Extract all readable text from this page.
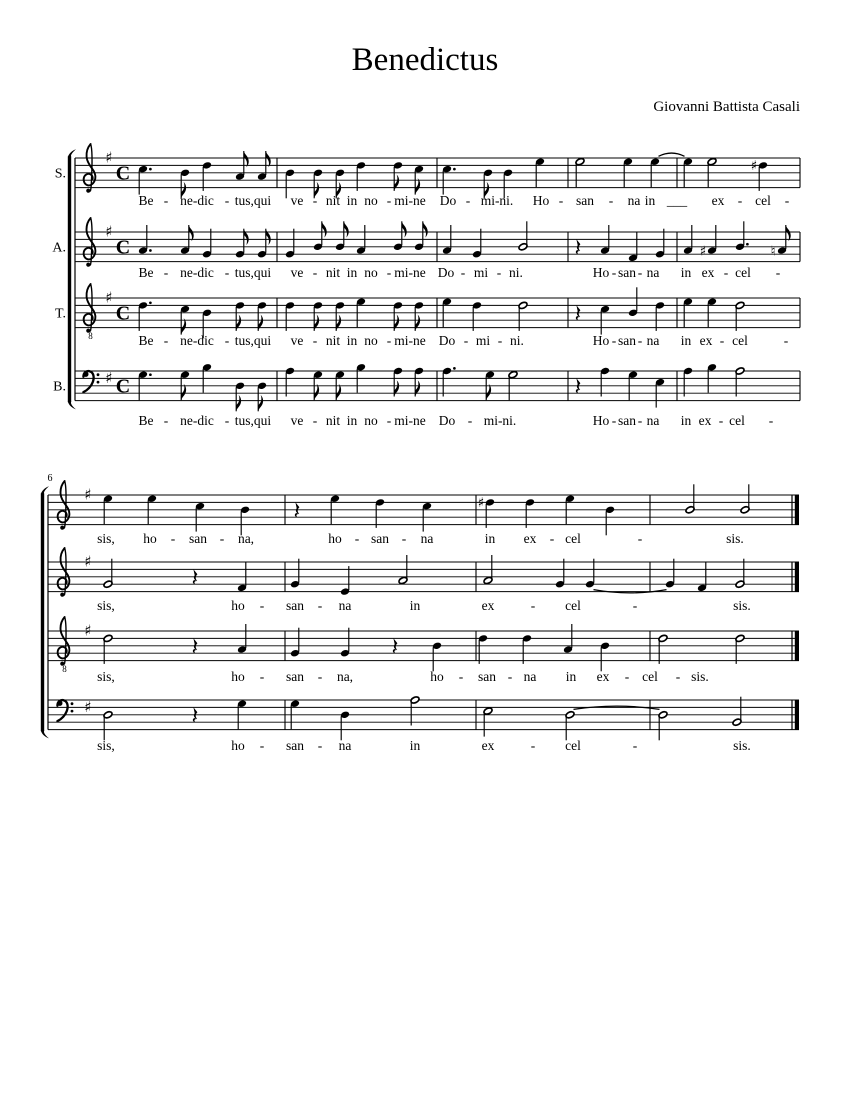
Benedictus
Giovanni Battista Casali
S.
♯
C	♯
Be - ne-dic - tus,qui ve - nit in no - mi-ne Do - mi-ni. Ho - san - na in ___ ex - cel -
A.
♯
C	♯	♮
Be - ne-dic - tus,qui ve - nit in no - mi-ne Do - mi - ni.	Ho - san - na in ex - cel -
T.
8
♯
C
Be - ne-dic - tus,qui ve - nit in no - mi-ne Do - mi - ni.	Ho - san - na in ex - cel	-
B.
♯ C
Be - ne-dic - tus,qui ve - nit in no - mi-ne Do - mi-ni.	Ho - san - na in ex - cel -
6
♯	♯
sis, ho - san - na,	ho - san - na	in ex - cel	-	sis.
♯
sis,	ho - san - na	in	ex	- cel	-	sis.
8
♯
sis,	ho - san - na,	ho - san - na in ex - cel - sis.
♯
sis,	ho - san - na	in	ex	- cel	-	sis.
